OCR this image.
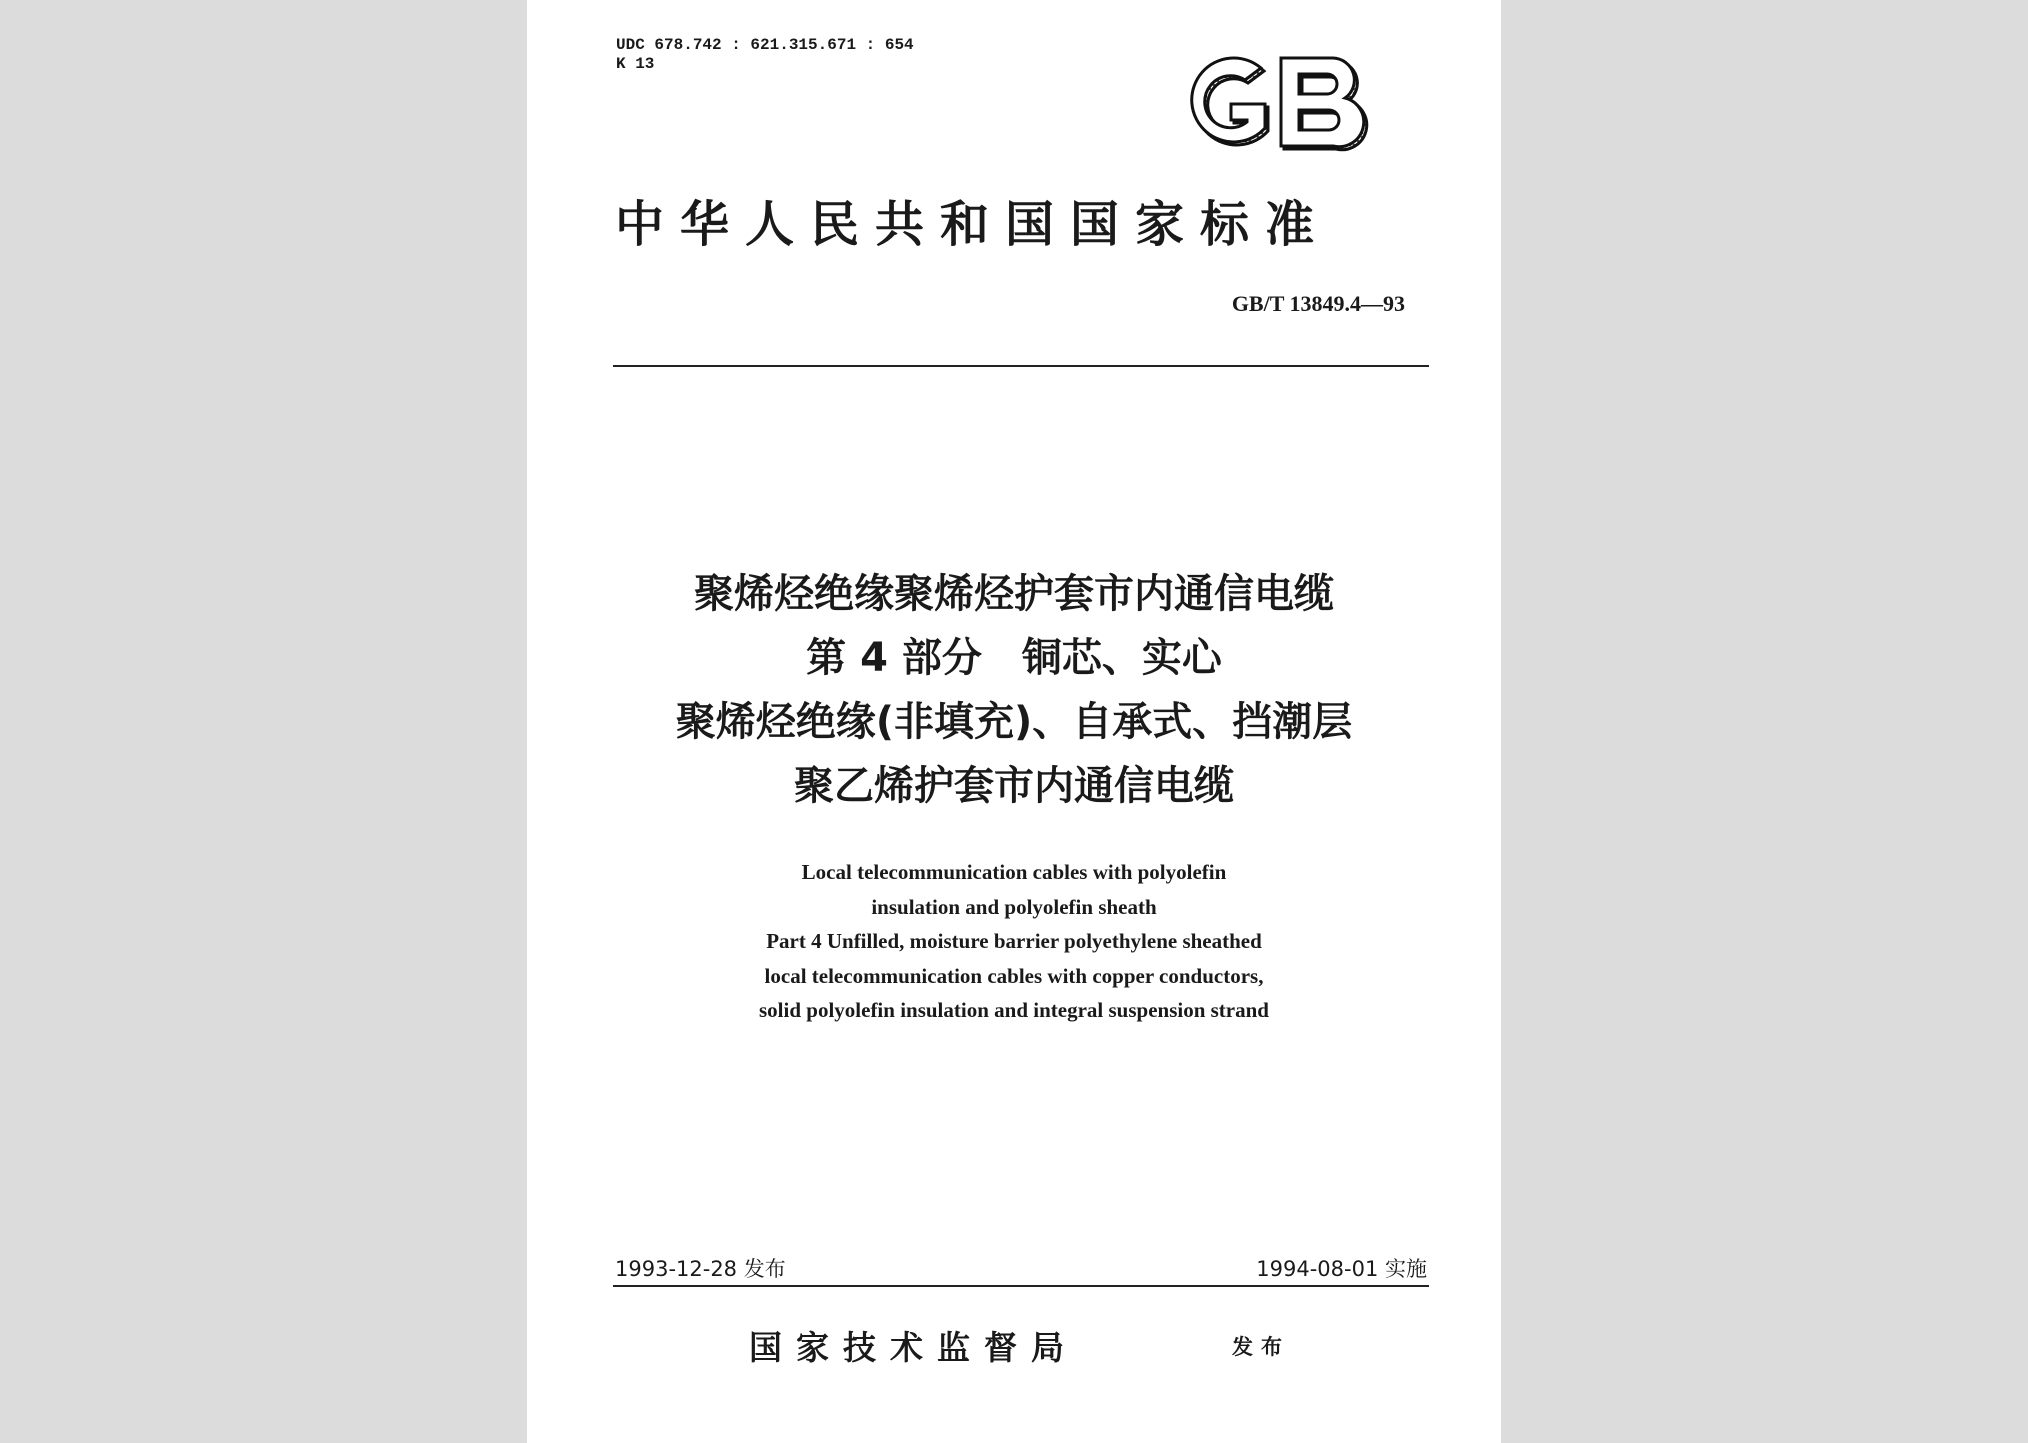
UDC 678.742 : 621.315.671 : 654
K 13
中华人民共和国国家标准
GB/T 13849.4—93
聚烯烃绝缘聚烯烃护套市内通信电缆
第 4 部分　铜芯、实心
聚烯烃绝缘(非填充)、自承式、挡潮层
聚乙烯护套市内通信电缆
Local telecommunication cables with polyolefin
insulation and polyolefin sheath
Part 4 Unfilled, moisture barrier polyethylene sheathed
local telecommunication cables with copper conductors,
solid polyolefin insulation and integral suspension strand
1993-12-28 发布	1994-08-01 实施
国家技术监督局	发布
